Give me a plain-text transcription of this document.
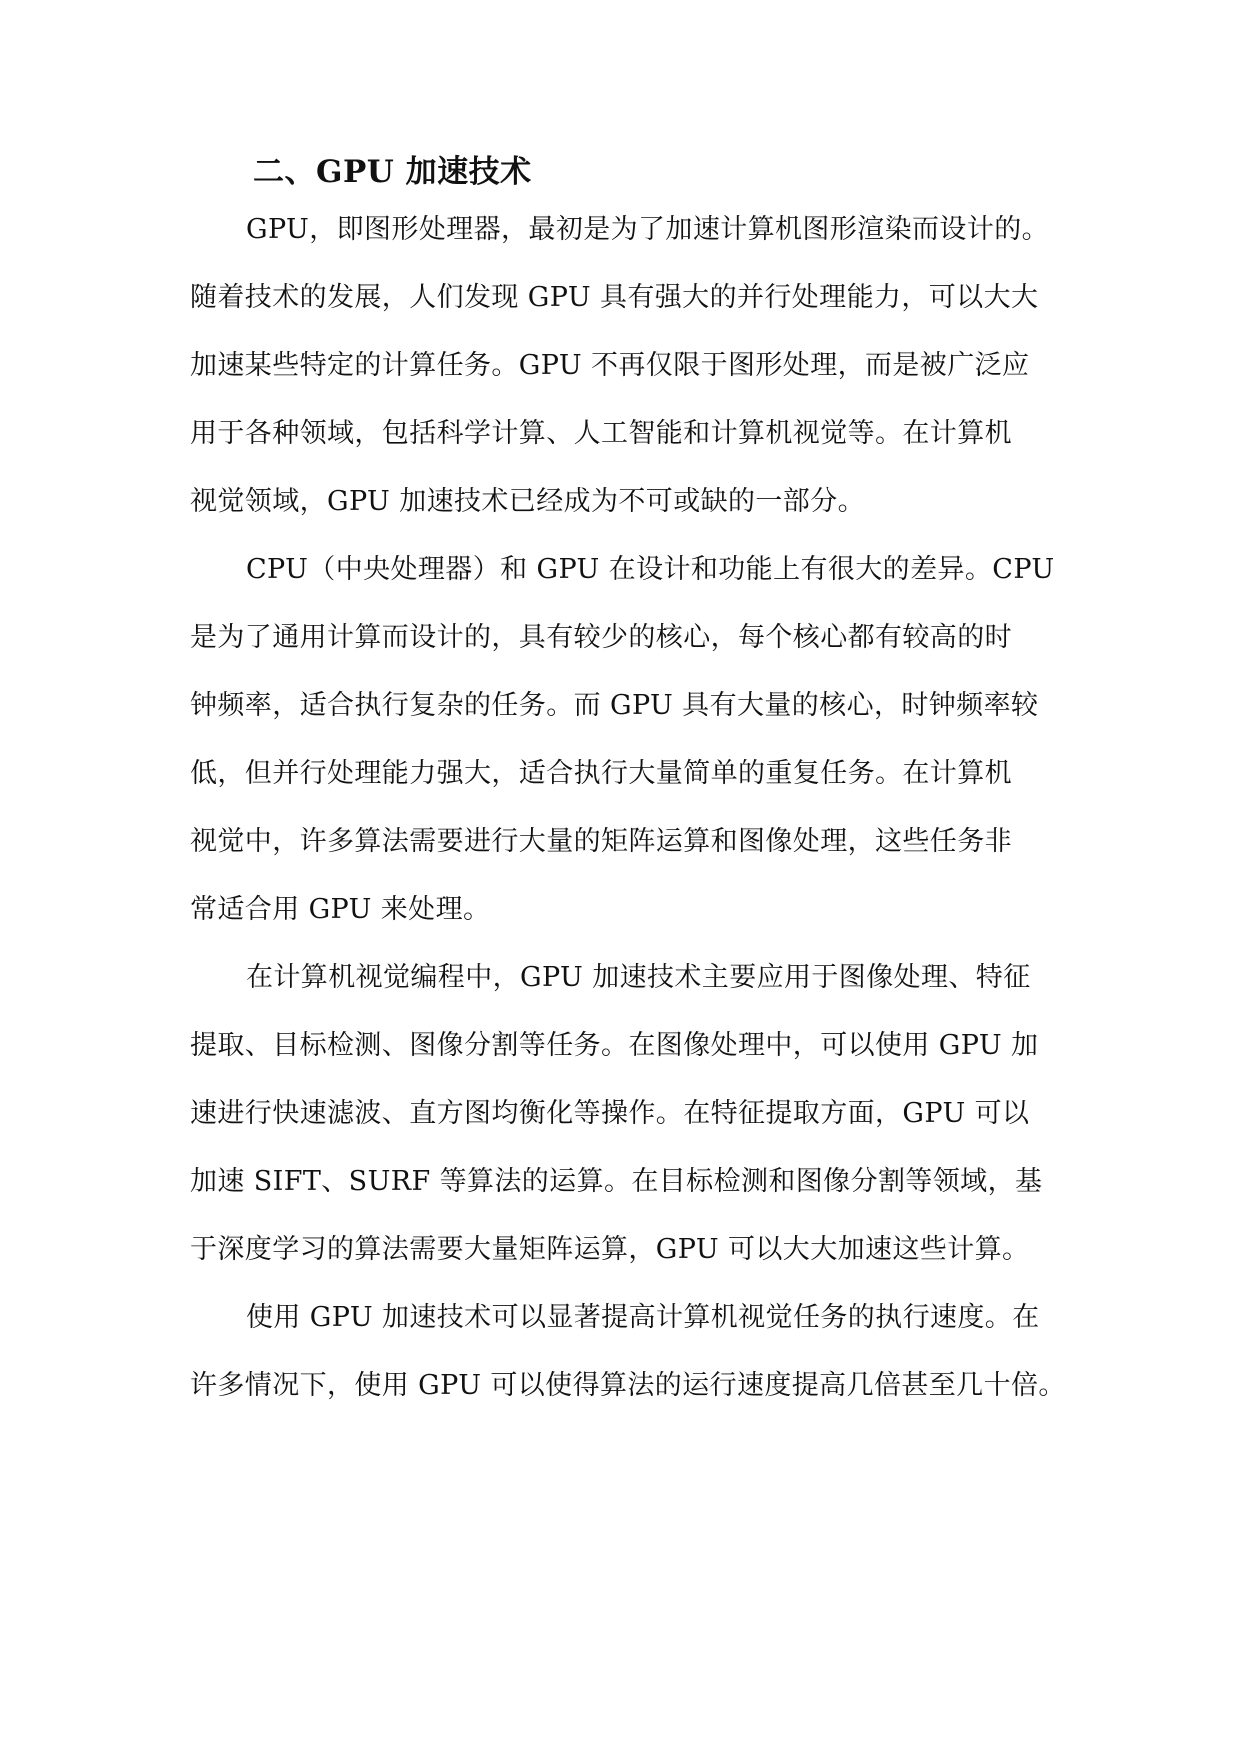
二、GPU 加速技术
GPU，即图形处理器，最初是为了加速计算机图形渲染而设计的。
随着技术的发展，人们发现 GPU 具有强大的并行处理能力，可以大大
加速某些特定的计算任务。GPU 不再仅限于图形处理，而是被广泛应
用于各种领域，包括科学计算、人工智能和计算机视觉等。在计算机
视觉领域，GPU 加速技术已经成为不可或缺的一部分。
CPU（中央处理器）和 GPU 在设计和功能上有很大的差异。CPU
是为了通用计算而设计的，具有较少的核心，每个核心都有较高的时
钟频率，适合执行复杂的任务。而 GPU 具有大量的核心，时钟频率较
低，但并行处理能力强大，适合执行大量简单的重复任务。在计算机
视觉中，许多算法需要进行大量的矩阵运算和图像处理，这些任务非
常适合用 GPU 来处理。
在计算机视觉编程中，GPU 加速技术主要应用于图像处理、特征
提取、目标检测、图像分割等任务。在图像处理中，可以使用 GPU 加
速进行快速滤波、直方图均衡化等操作。在特征提取方面，GPU 可以
加速 SIFT、SURF 等算法的运算。在目标检测和图像分割等领域，基
于深度学习的算法需要大量矩阵运算，GPU 可以大大加速这些计算。
使用 GPU 加速技术可以显著提高计算机视觉任务的执行速度。在
许多情况下，使用 GPU 可以使得算法的运行速度提高几倍甚至几十倍。
